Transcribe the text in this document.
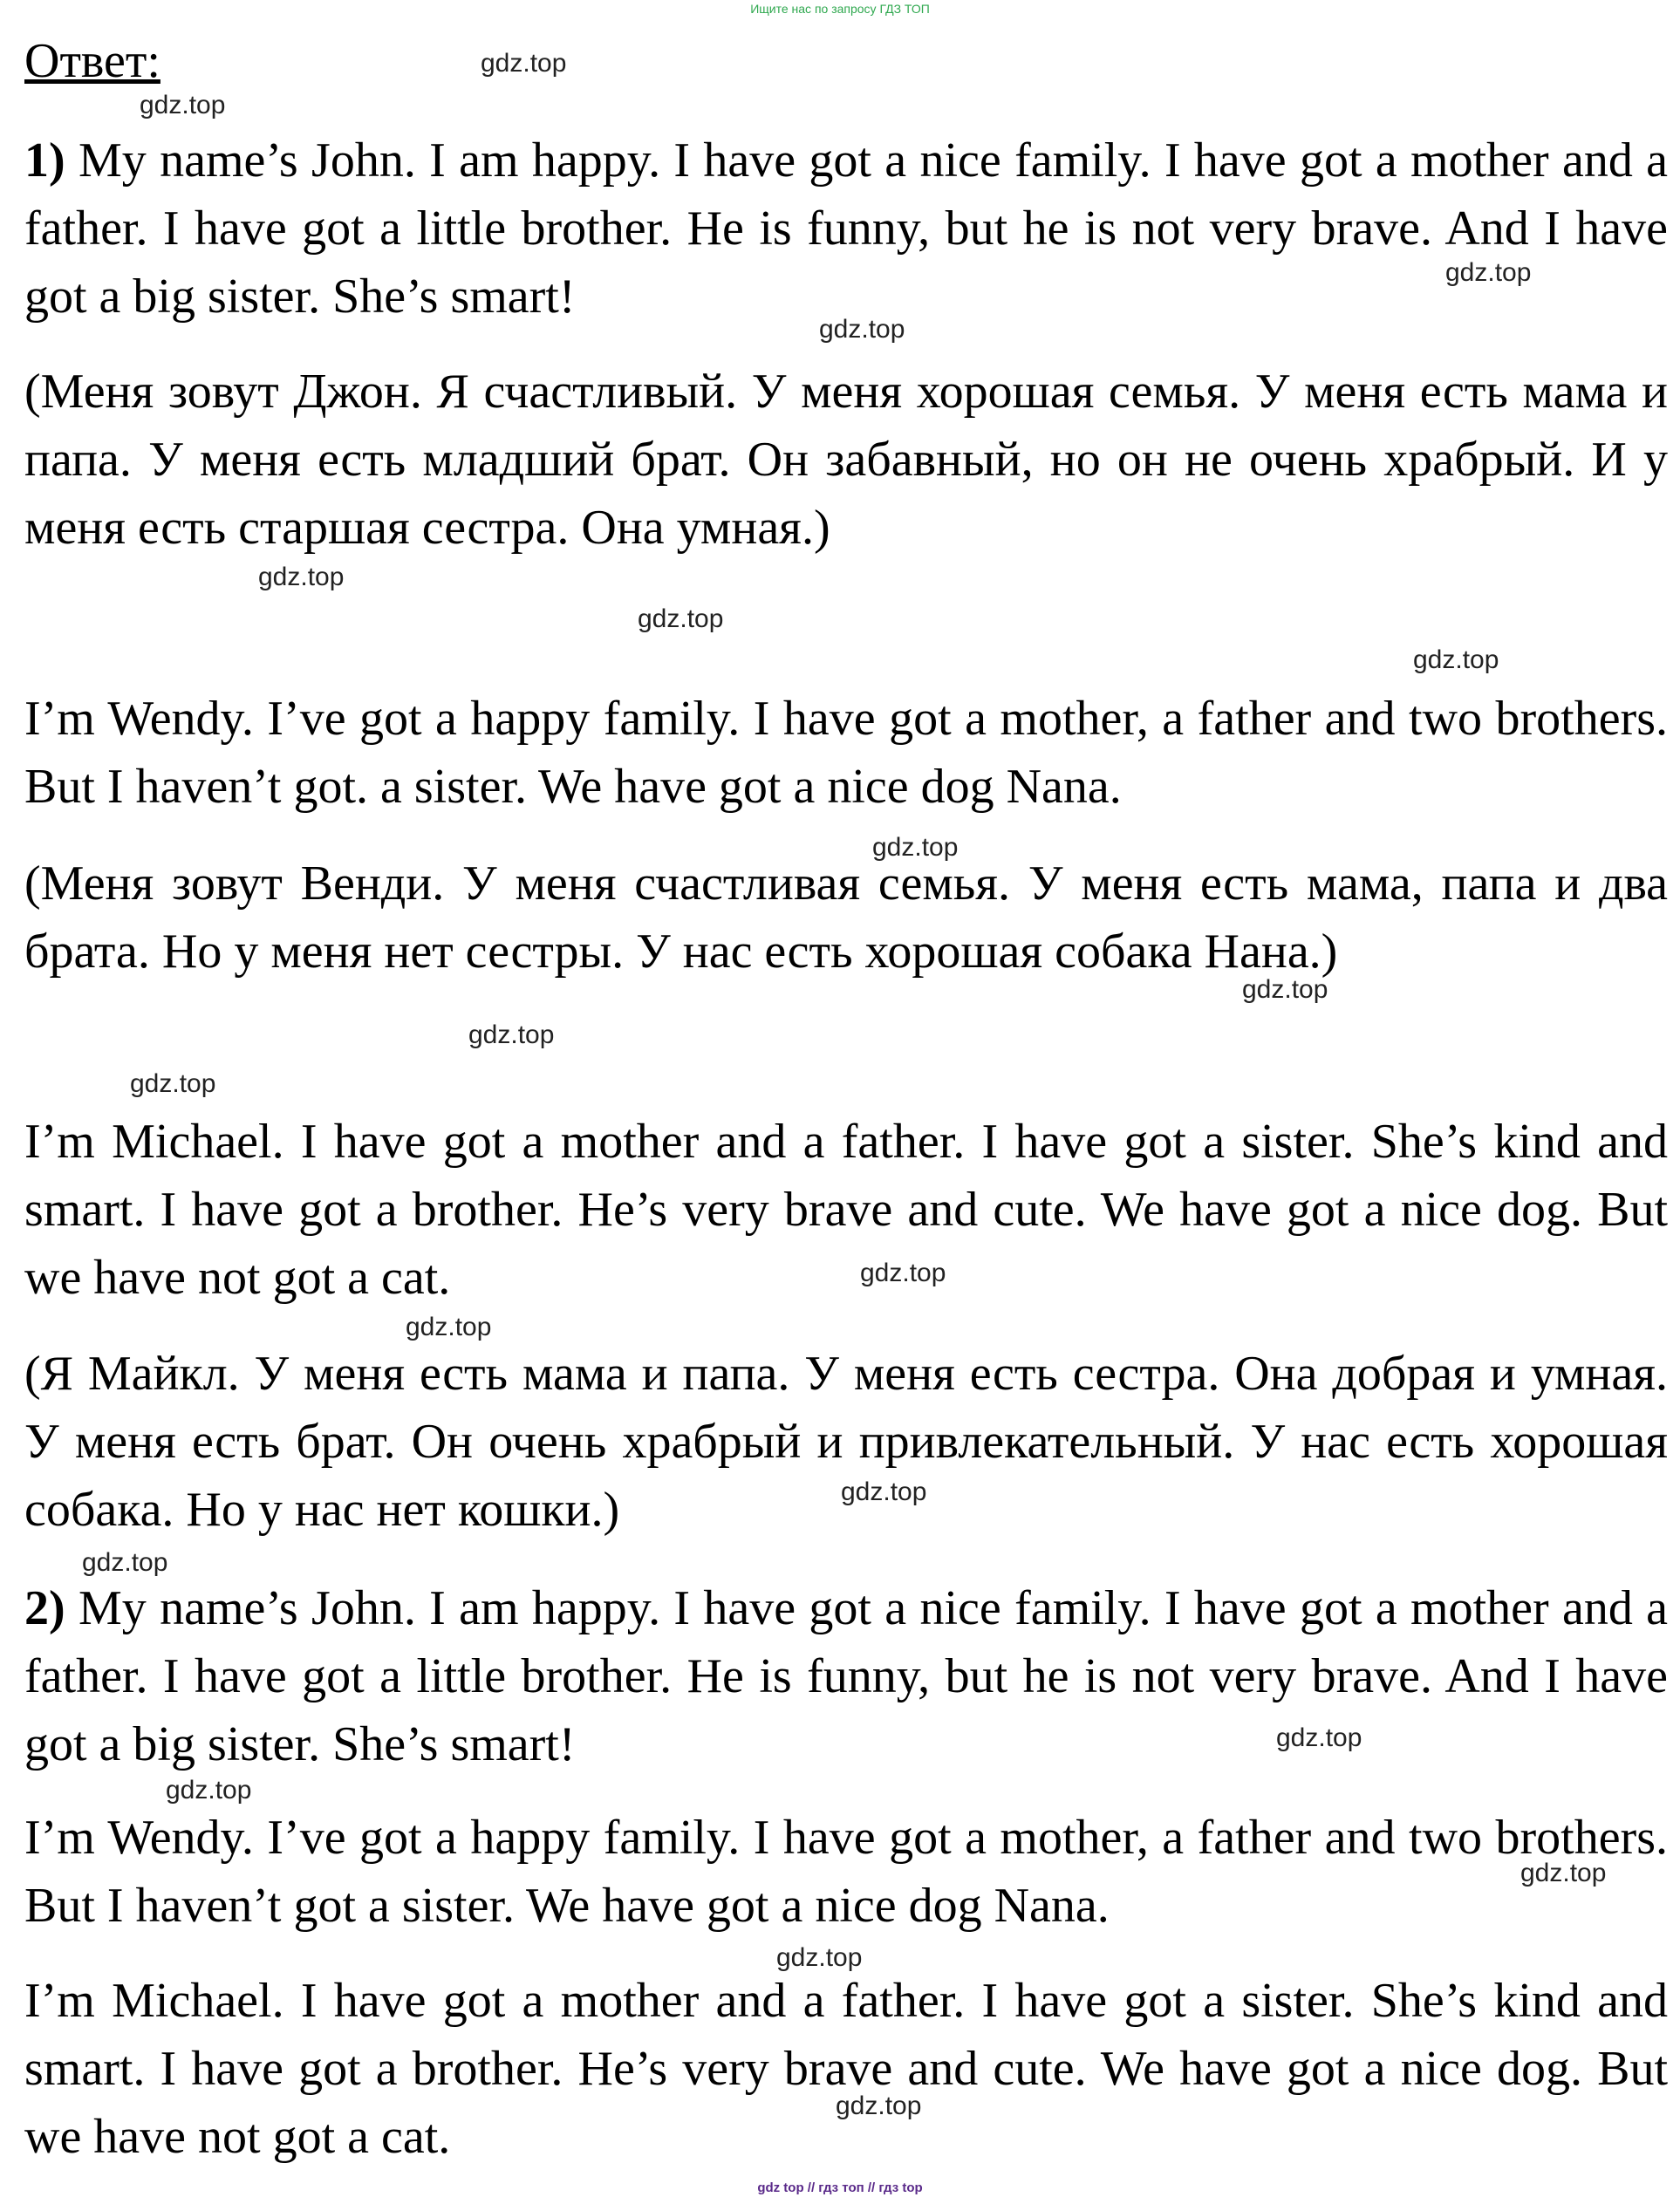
Ищите нас по запросу ГДЗ ТОП
Ответ:

1) My name’s John. I am happy. I have got a nice family. I have got a mother and a father. I have got a little brother. He is funny, but he is not very brave. And I have got a big sister. She’s smart!

(Меня зовут Джон. Я счастливый. У меня хорошая семья. У меня есть мама и папа. У меня есть младший брат. Он забавный, но он не очень храбрый. И у меня есть старшая сестра. Она умная.)

I’m Wendy. I’ve got a happy family. I have got a mother, a father and two brothers. But I haven’t got. a sister. We have got a nice dog Nana.

(Меня зовут Венди. У меня счастливая семья. У меня есть мама, папа и два брата. Но у меня нет сестры. У нас есть хорошая собака Нана.)

I’m Michael. I have got a mother and a father. I have got a sister. She’s kind and smart. I have got a brother. He’s very brave and cute. We have got a nice dog. But we have not got a cat.

(Я Майкл. У меня есть мама и папа. У меня есть сестра. Она добрая и умная. У меня есть брат. Он очень храбрый и привлекательный. У нас есть хорошая собака. Но у нас нет кошки.)

2) My name’s John. I am happy. I have got a nice family. I have got a mother and a father. I have got a little brother. He is funny, but he is not very brave. And I have got a big sister. She’s smart!

I’m Wendy. I’ve got a happy family. I have got a mother, a father and two brothers. But I haven’t got a sister. We have got a nice dog Nana.

I’m Michael. I have got a mother and a father. I have got a sister. She’s kind and smart. I have got a brother. He’s very brave and cute. We have got a nice dog. But we have not got a cat.

gdz.top
gdz.top
gdz.top
gdz.top
gdz.top
gdz.top
gdz.top
gdz.top
gdz.top
gdz.top
gdz.top
gdz.top
gdz.top
gdz.top
gdz.top
gdz.top
gdz.top
gdz.top
gdz.top
gdz.top
gdz top // гдз топ // гдз top
